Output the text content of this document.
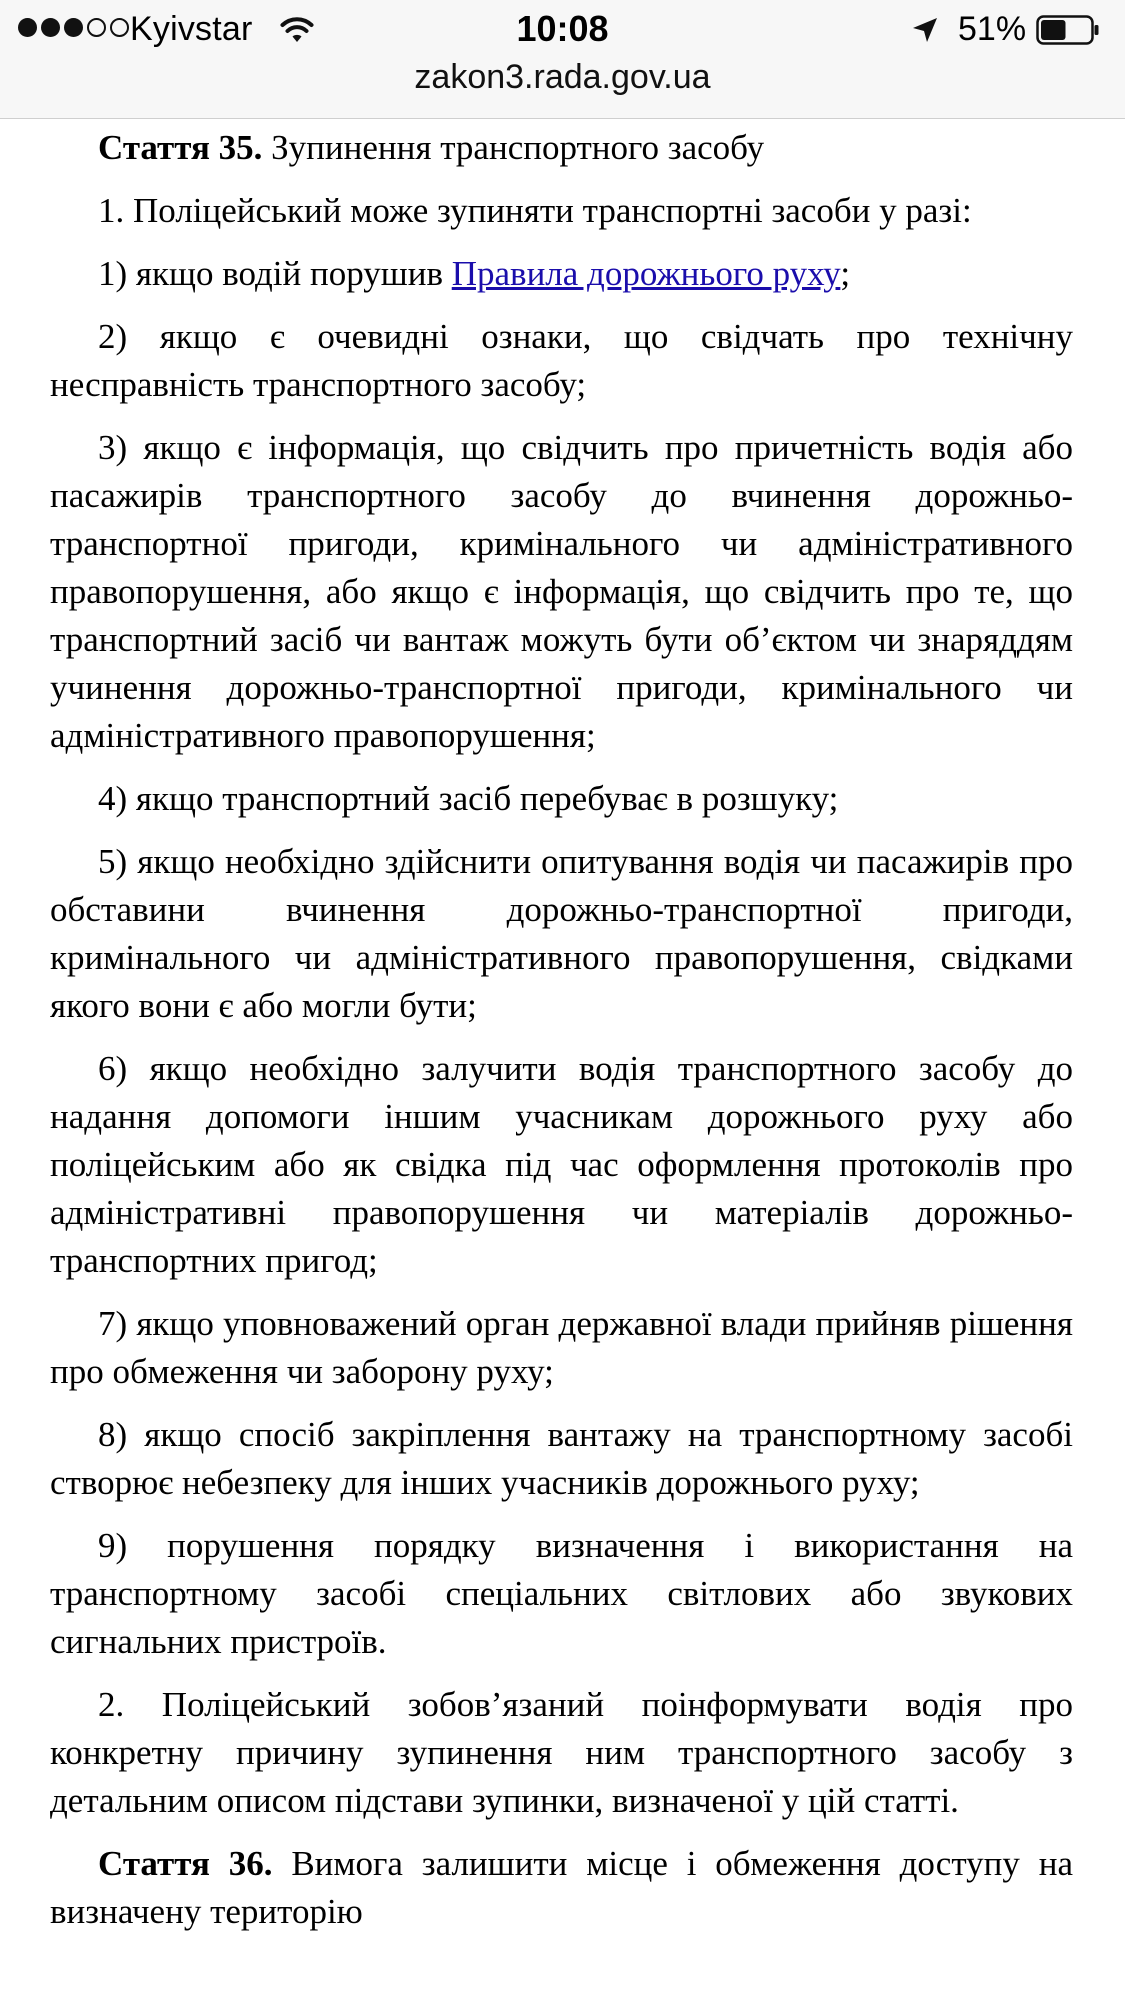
Kyivstar	10:08	51%
zakon3.rada.gov.ua

Стаття 35. Зупинення транспортного засобу

1. Поліцейський може зупиняти транспортні засоби у разі:

1) якщо водій порушив Правила дорожнього руху;

2) якщо є очевидні ознаки, що свідчать про технічну несправність транспортного засобу;

3) якщо є інформація, що свідчить про причетність водія або пасажирів транспортного засобу до вчинення дорожньо-транспортної пригоди, кримінального чи адміністративного правопорушення, або якщо є інформація, що свідчить про те, що транспортний засіб чи вантаж можуть бути об’єктом чи знаряддям учинення дорожньо-транспортної пригоди, кримінального чи адміністративного правопорушення;

4) якщо транспортний засіб перебуває в розшуку;

5) якщо необхідно здійснити опитування водія чи пасажирів про обставини вчинення дорожньо-транспортної пригоди, кримінального чи адміністративного правопорушення, свідками якого вони є або могли бути;

6) якщо необхідно залучити водія транспортного засобу до надання допомоги іншим учасникам дорожнього руху або поліцейським або як свідка під час оформлення протоколів про адміністративні правопорушення чи матеріалів дорожньо-транспортних пригод;

7) якщо уповноважений орган державної влади прийняв рішення про обмеження чи заборону руху;

8) якщо спосіб закріплення вантажу на транспортному засобі створює небезпеку для інших учасників дорожнього руху;

9) порушення порядку визначення і використання на транспортному засобі спеціальних світлових або звукових сигнальних пристроїв.

2. Поліцейський зобов’язаний поінформувати водія про конкретну причину зупинення ним транспортного засобу з детальним описом підстави зупинки, визначеної у цій статті.

Стаття 36. Вимога залишити місце і обмеження доступу на визначену територію
